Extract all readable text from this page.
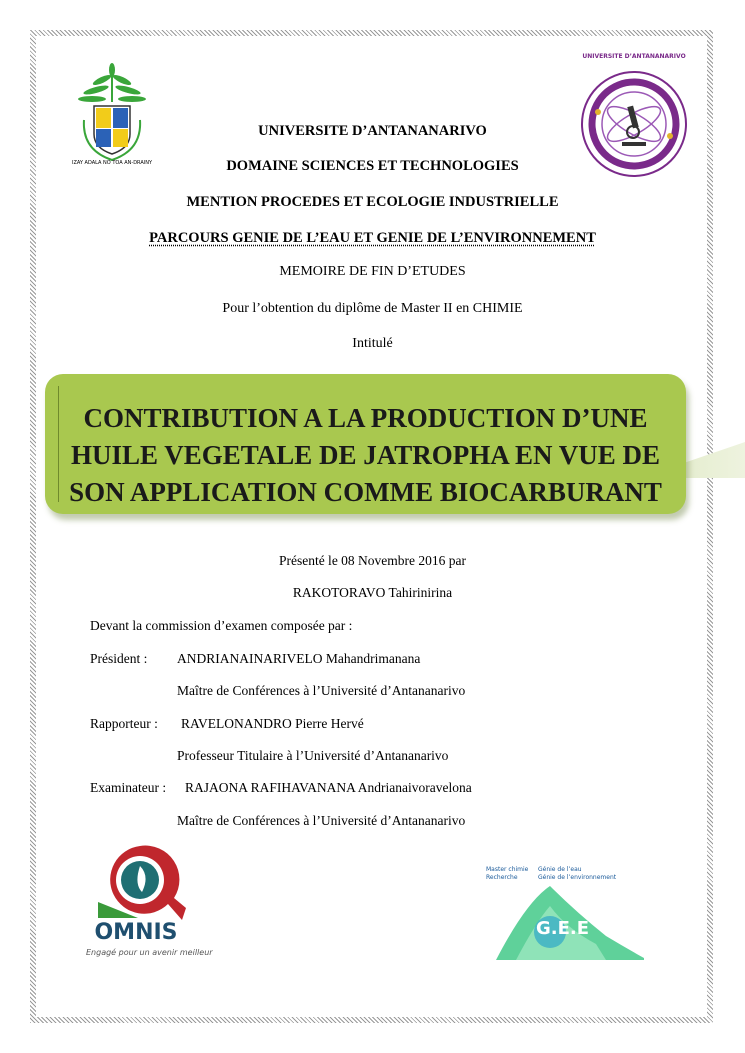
IZAY ADALA NO TOA AN-DRAINY
UNIVERSITE D’ANTANANARIVO
UNIVERSITE D’ANTANANARIVO
DOMAINE SCIENCES ET TECHNOLOGIES
MENTION PROCEDES ET ECOLOGIE INDUSTRIELLE
PARCOURS GENIE DE L’EAU ET GENIE DE L’ENVIRONNEMENT
MEMOIRE DE FIN D’ETUDES
Pour l’obtention du diplôme de Master II en CHIMIE
Intitulé
CONTRIBUTION A LA PRODUCTION D’UNE
HUILE VEGETALE DE JATROPHA EN VUE DE
SON APPLICATION COMME BIOCARBURANT
Présenté le 08 Novembre 2016 par
RAKOTORAVO Tahirinirina
Devant la commission d’examen composée par :
Président : ANDRIANAINARIVELO Mahandrimanana
Maître de Conférences à l’Université d’Antananarivo
Rapporteur : RAVELONANDRO Pierre Hervé
Professeur Titulaire à l’Université d’Antananarivo
Examinateur : RAJAONA RAFIHAVANANA Andrianaivoravelona
Maître de Conférences à l’Université d’Antananarivo
OMNIS
Engagé pour un avenir meilleur
Master chimie
Recherche
Génie de l’eau
Génie de l’environnement
G.E.E
